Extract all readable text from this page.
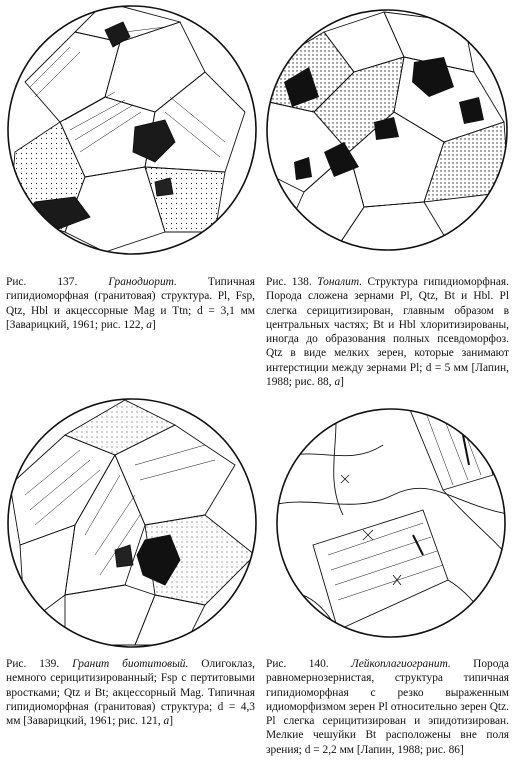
Рис. 137.	Гранодиорит.	Типичная гипидиоморфная (гранитовая) структура. Pl, Fsp, Qtz, Hbl и акцессорные Mag и Ttn; d = 3,1 мм [Заварицкий, 1961; рис. 122, а]
Рис. 138. Тоналит. Структура гипидиоморфная. Порода сложена зернами Pl, Qtz, Bt и Hbl. Pl слегка серицитизирован, главным образом в центральных частях; Bt и Hbl хлоритизированы, иногда до образования полных псевдоморфоз. Qtz в виде мелких зерен, которые занимают интерстиции между зернами Pl; d = 5 мм [Лапин, 1988; рис. 88, а]
Рис. 139. Гранит биотитовый. Олигоклаз, немного серицитизированный; Fsp с пертитовыми вростками; Qtz и Bt; акцессорный Mag. Типичная гипидиоморфная (гранитовая) структура; d = 4,3 мм [Заварицкий, 1961; рис. 121, а]
Рис. 140. Лейкоплагиогранит. Порода равномернозернистая, структура типичная гипидиоморфная с резко выраженным идиоморфизмом зерен Pl относительно зерен Qtz. Pl слегка серицитизирован и эпидотизирован. Мелкие чешуйки Bt расположены вне поля зрения; d = 2,2 мм [Лапин, 1988; рис. 86]
